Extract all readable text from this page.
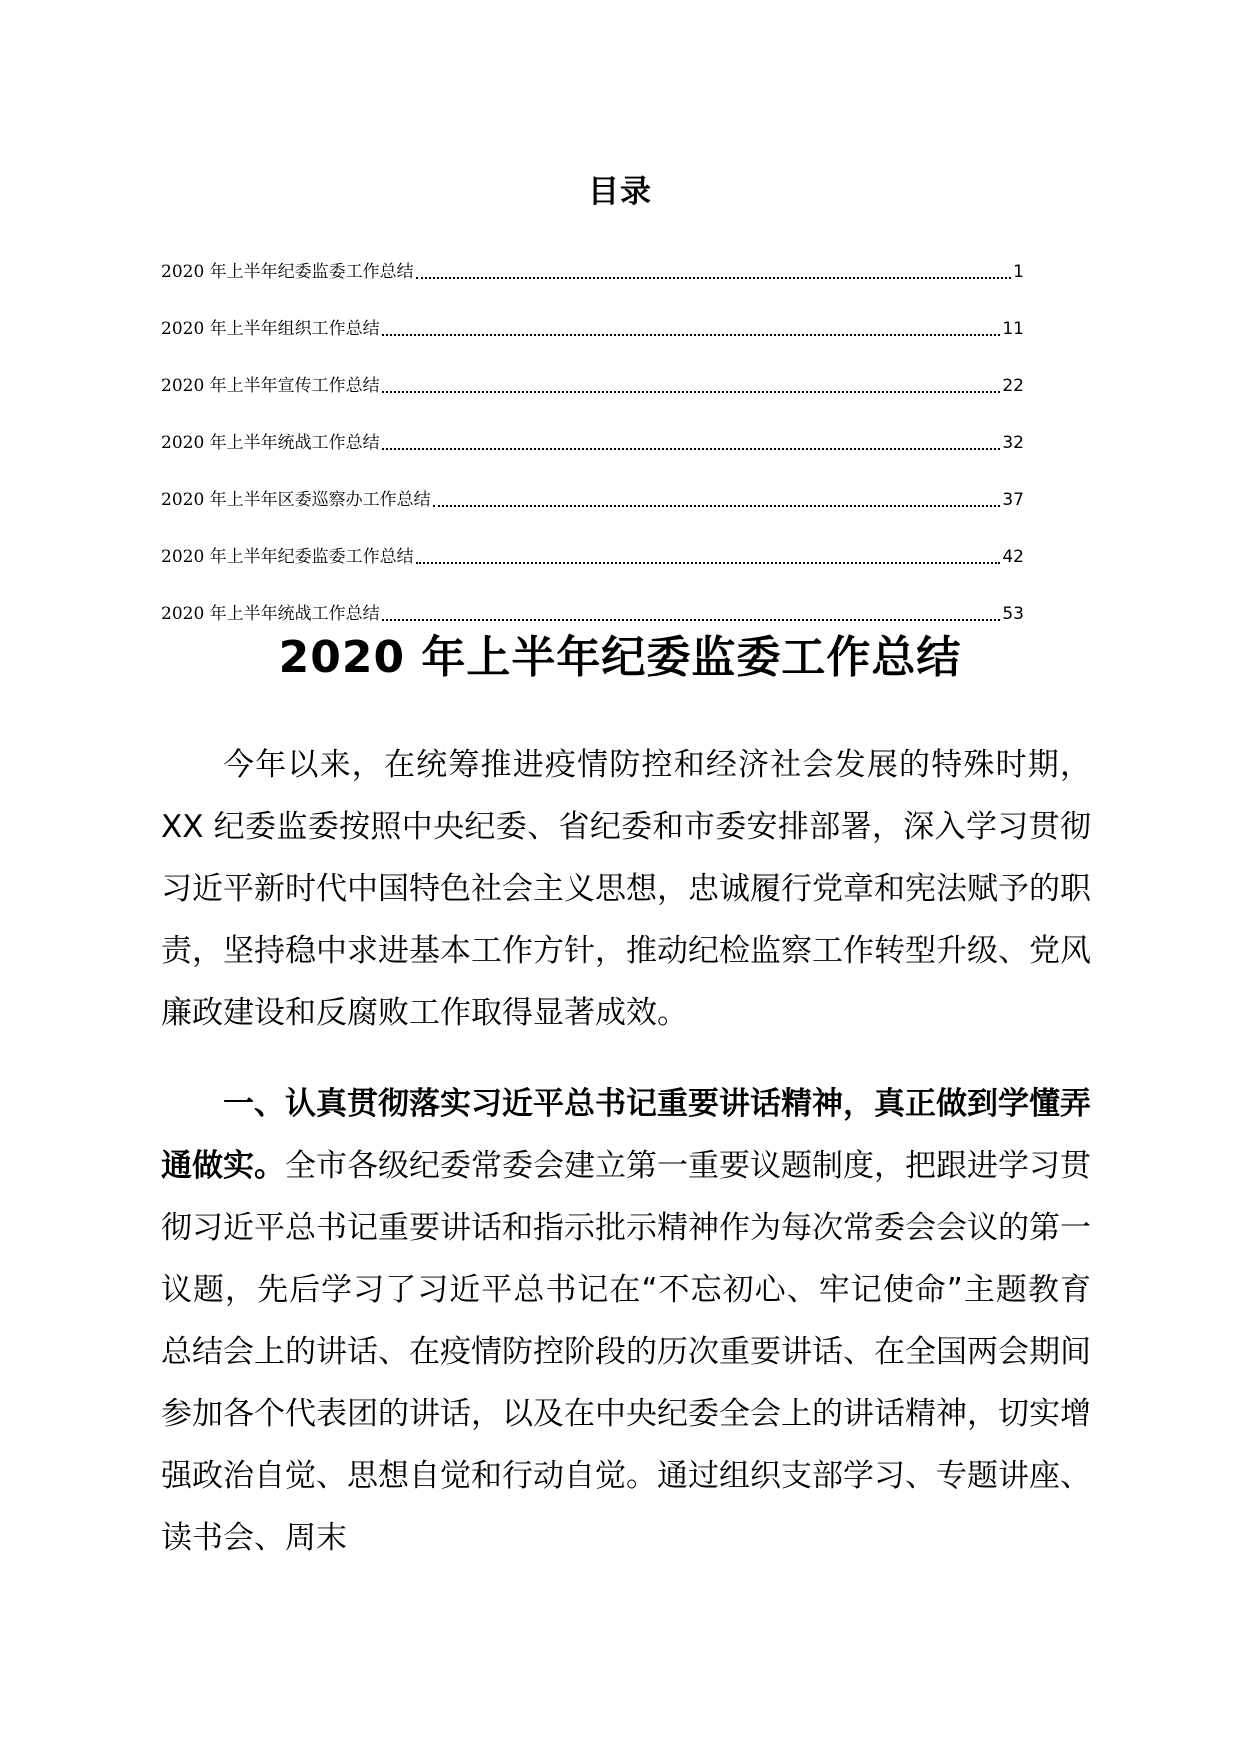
目录
2020 年上半年纪委监委工作总结	1
2020 年上半年组织工作总结	11
2020 年上半年宣传工作总结	22
2020 年上半年统战工作总结	32
2020 年上半年区委巡察办工作总结	37
2020 年上半年纪委监委工作总结	42
2020 年上半年统战工作总结	53
2020 年上半年纪委监委工作总结

今年以来，在统筹推进疫情防控和经济社会发展的特殊时期，XX 纪委监委按照中央纪委、省纪委和市委安排部署，深入学习贯彻习近平新时代中国特色社会主义思想，忠诚履行党章和宪法赋予的职责，坚持稳中求进基本工作方针，推动纪检监察工作转型升级、党风廉政建设和反腐败工作取得显著成效。

一、认真贯彻落实习近平总书记重要讲话精神，真正做到学懂弄通做实。全市各级纪委常委会建立第一重要议题制度，把跟进学习贯彻习近平总书记重要讲话和指示批示精神作为每次常委会会议的第一议题，先后学习了习近平总书记在“不忘初心、牢记使命”主题教育总结会上的讲话、在疫情防控阶段的历次重要讲话、在全国两会期间参加各个代表团的讲话，以及在中央纪委全会上的讲话精神，切实增强政治自觉、思想自觉和行动自觉。通过组织支部学习、专题讲座、读书会、周末
